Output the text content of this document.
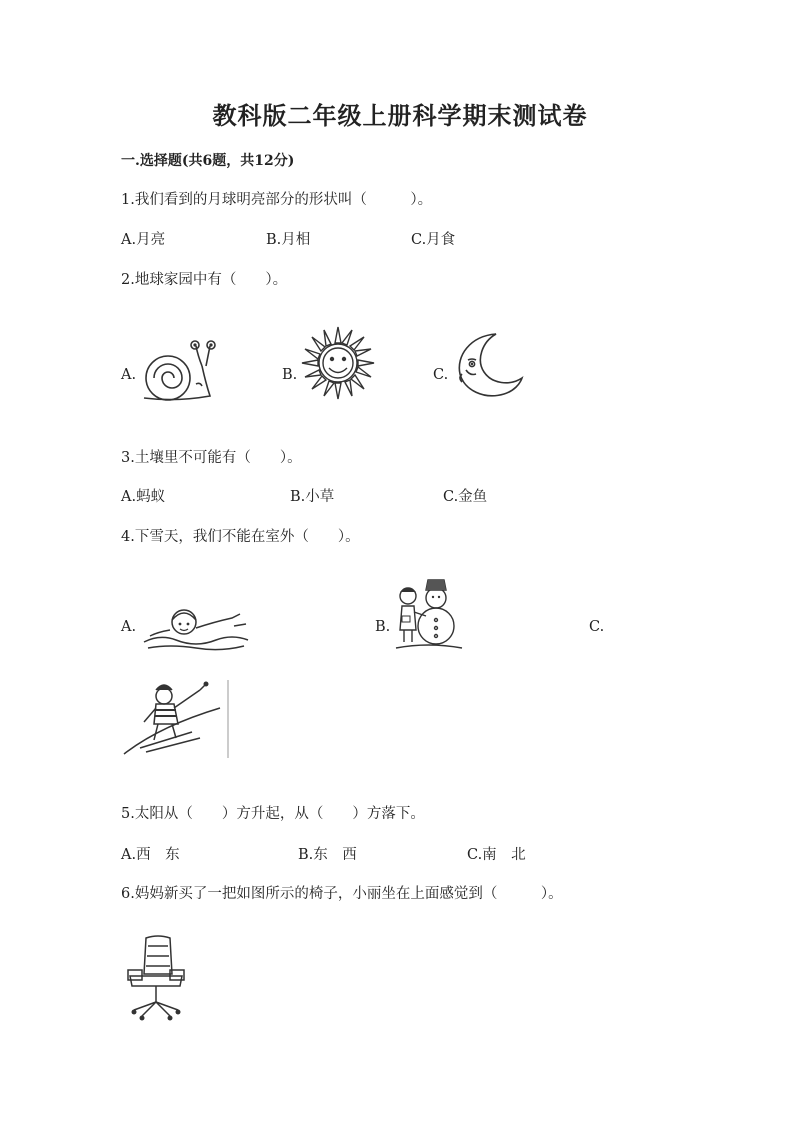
教科版二年级上册科学期末测试卷
一.选择题(共6题，共12分)
1.我们看到的月球明亮部分的形状叫（　　　）。
A.月亮	B.月相	C.月食
2.地球家园中有（　　）。
A.	B.	C.
3.土壤里不可能有（　　）。
A.蚂蚁	B.小草	C.金鱼
4.下雪天，我们不能在室外（　　）。
A.	B.	C.
5.太阳从（　　）方升起，从（　　）方落下。
A.西　东	B.东　西	C.南　北
6.妈妈新买了一把如图所示的椅子，小丽坐在上面感觉到（　　　）。
